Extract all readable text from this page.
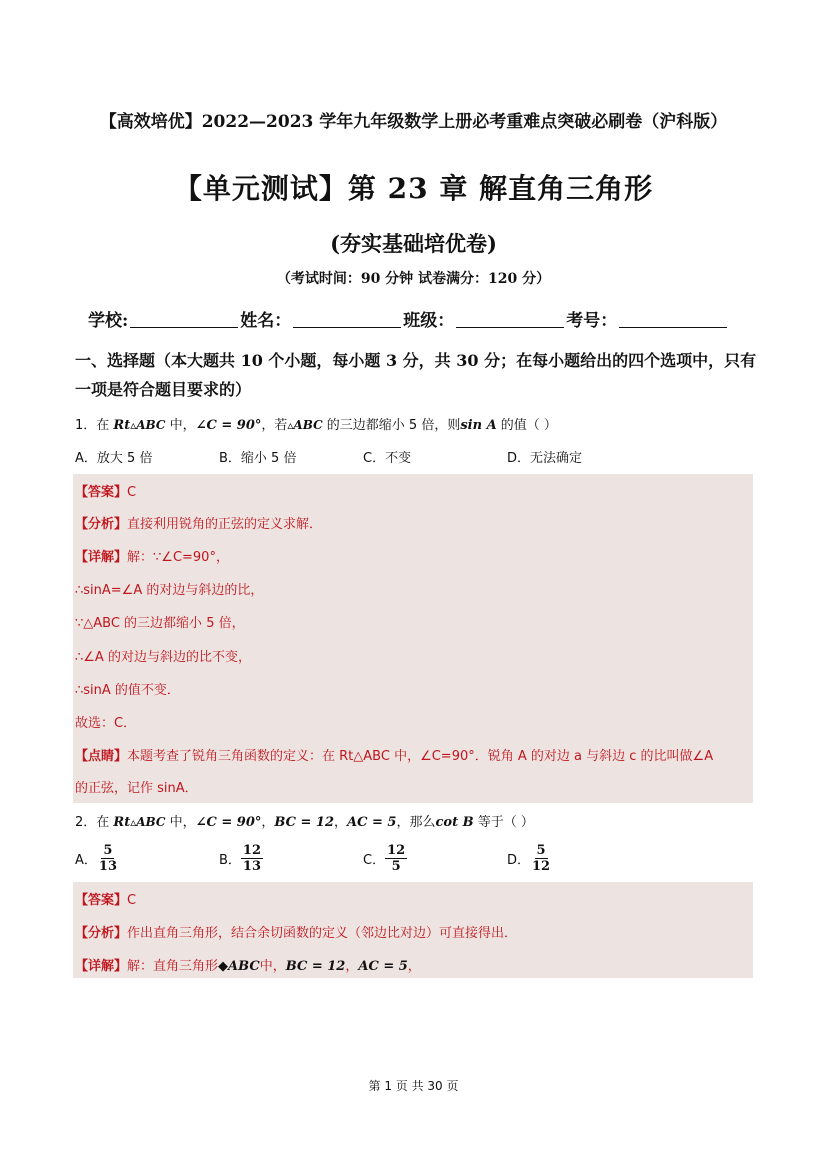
【高效培优】2022—2023 学年九年级数学上册必考重难点突破必刷卷（沪科版）
【单元测试】第 23 章 解直角三角形
(夯实基础培优卷)
（考试时间：90 分钟 试卷满分：120 分）
学校:	姓名：	班级：	考号：
一、选择题（本大题共 10 个小题，每小题 3 分，共 30 分；在每小题给出的四个选项中，只有一项是符合题目要求的）
1．在 Rt▵ABC 中，∠C = 90°，若▵ABC 的三边都缩小 5 倍，则sin A 的值（ ）
A．放大 5 倍	B．缩小 5 倍	C．不变	D．无法确定
【答案】C
【分析】直接利用锐角的正弦的定义求解．
【详解】解：∵∠C=90°，
∴sinA=∠A 的对边与斜边的比，
∵△ABC 的三边都缩小 5 倍，
∴∠A 的对边与斜边的比不变，
∴sinA 的值不变．
故选：C．
【点睛】本题考查了锐角三角函数的定义：在 Rt△ABC 中，∠C=90°．锐角 A 的对边 a 与斜边 c 的比叫做∠A
的正弦，记作 sinA．
2．在 Rt▵ABC 中，∠C = 90°，BC = 12，AC = 5，那么cot B 等于（ ）
A． $\frac{5}{13}$	B． $\frac{12}{13}$	C． $\frac{12}{5}$	D． $\frac{5}{12}$
【答案】C
【分析】作出直角三角形，结合余切函数的定义（邻边比对边）可直接得出．
【详解】解：直角三角形◆ABC中，BC = 12，AC = 5，
第 1 页 共 30 页
